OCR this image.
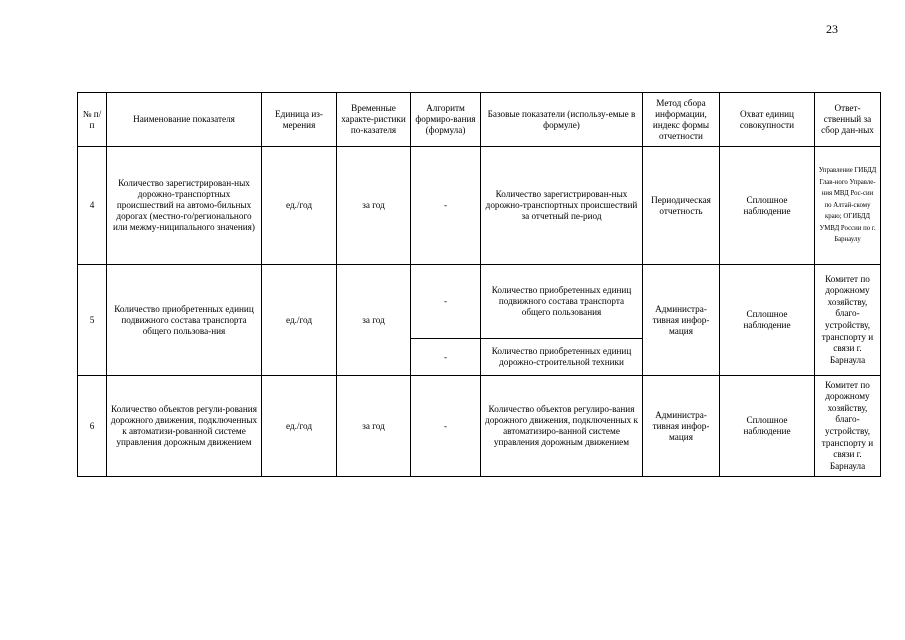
23
№ п/п	Наименование показателя	Единица из-мерения	Временные характе-ристики по-казателя	Алгоритм формиро-вания (формула)	Базовые показатели (использу-емые в формуле)	Метод сбора информации, индекс формы отчетности	Охват единиц совокупности	Ответ-ственный за сбор дан-ных
4	Количество зарегистрирован-ных дорожно-транспортных происшествий на автомо-бильных дорогах (местно-го/регионального или межму-ниципального значения)	ед./год	за год	-	Количество зарегистрирован-ных дорожно-транспортных происшествий за отчетный пе-риод	Периодическая отчетность	Сплошное наблюдение	Управление ГИБДД Глав-ного Управле-ния МВД Рос-сии по Алтай-скому краю; ОГИБДД УМВД России по г. Барнаулу
5	Количество приобретенных единиц подвижного состава транспорта общего пользова-ния	ед./год	за год	-	Количество приобретенных единиц подвижного состава транспорта общего пользования	Администра-тивная инфор-мация	Сплошное наблюдение	Комитет по дорожному хозяйству, благо-устройству, транспорту и связи г. Барнаула
				-	Количество приобретенных единиц дорожно-строительной техники			
6	Количество объектов регули-рования дорожного движения, подключенных к автоматизи-рованной системе управления дорожным движением	ед./год	за год	-	Количество объектов регулиро-вания дорожного движения, подключенных к автоматизиро-ванной системе управления дорожным движением	Администра-тивная инфор-мация	Сплошное наблюдение	Комитет по дорожному хозяйству, благо-устройству, транспорту и связи г. Барнаула
